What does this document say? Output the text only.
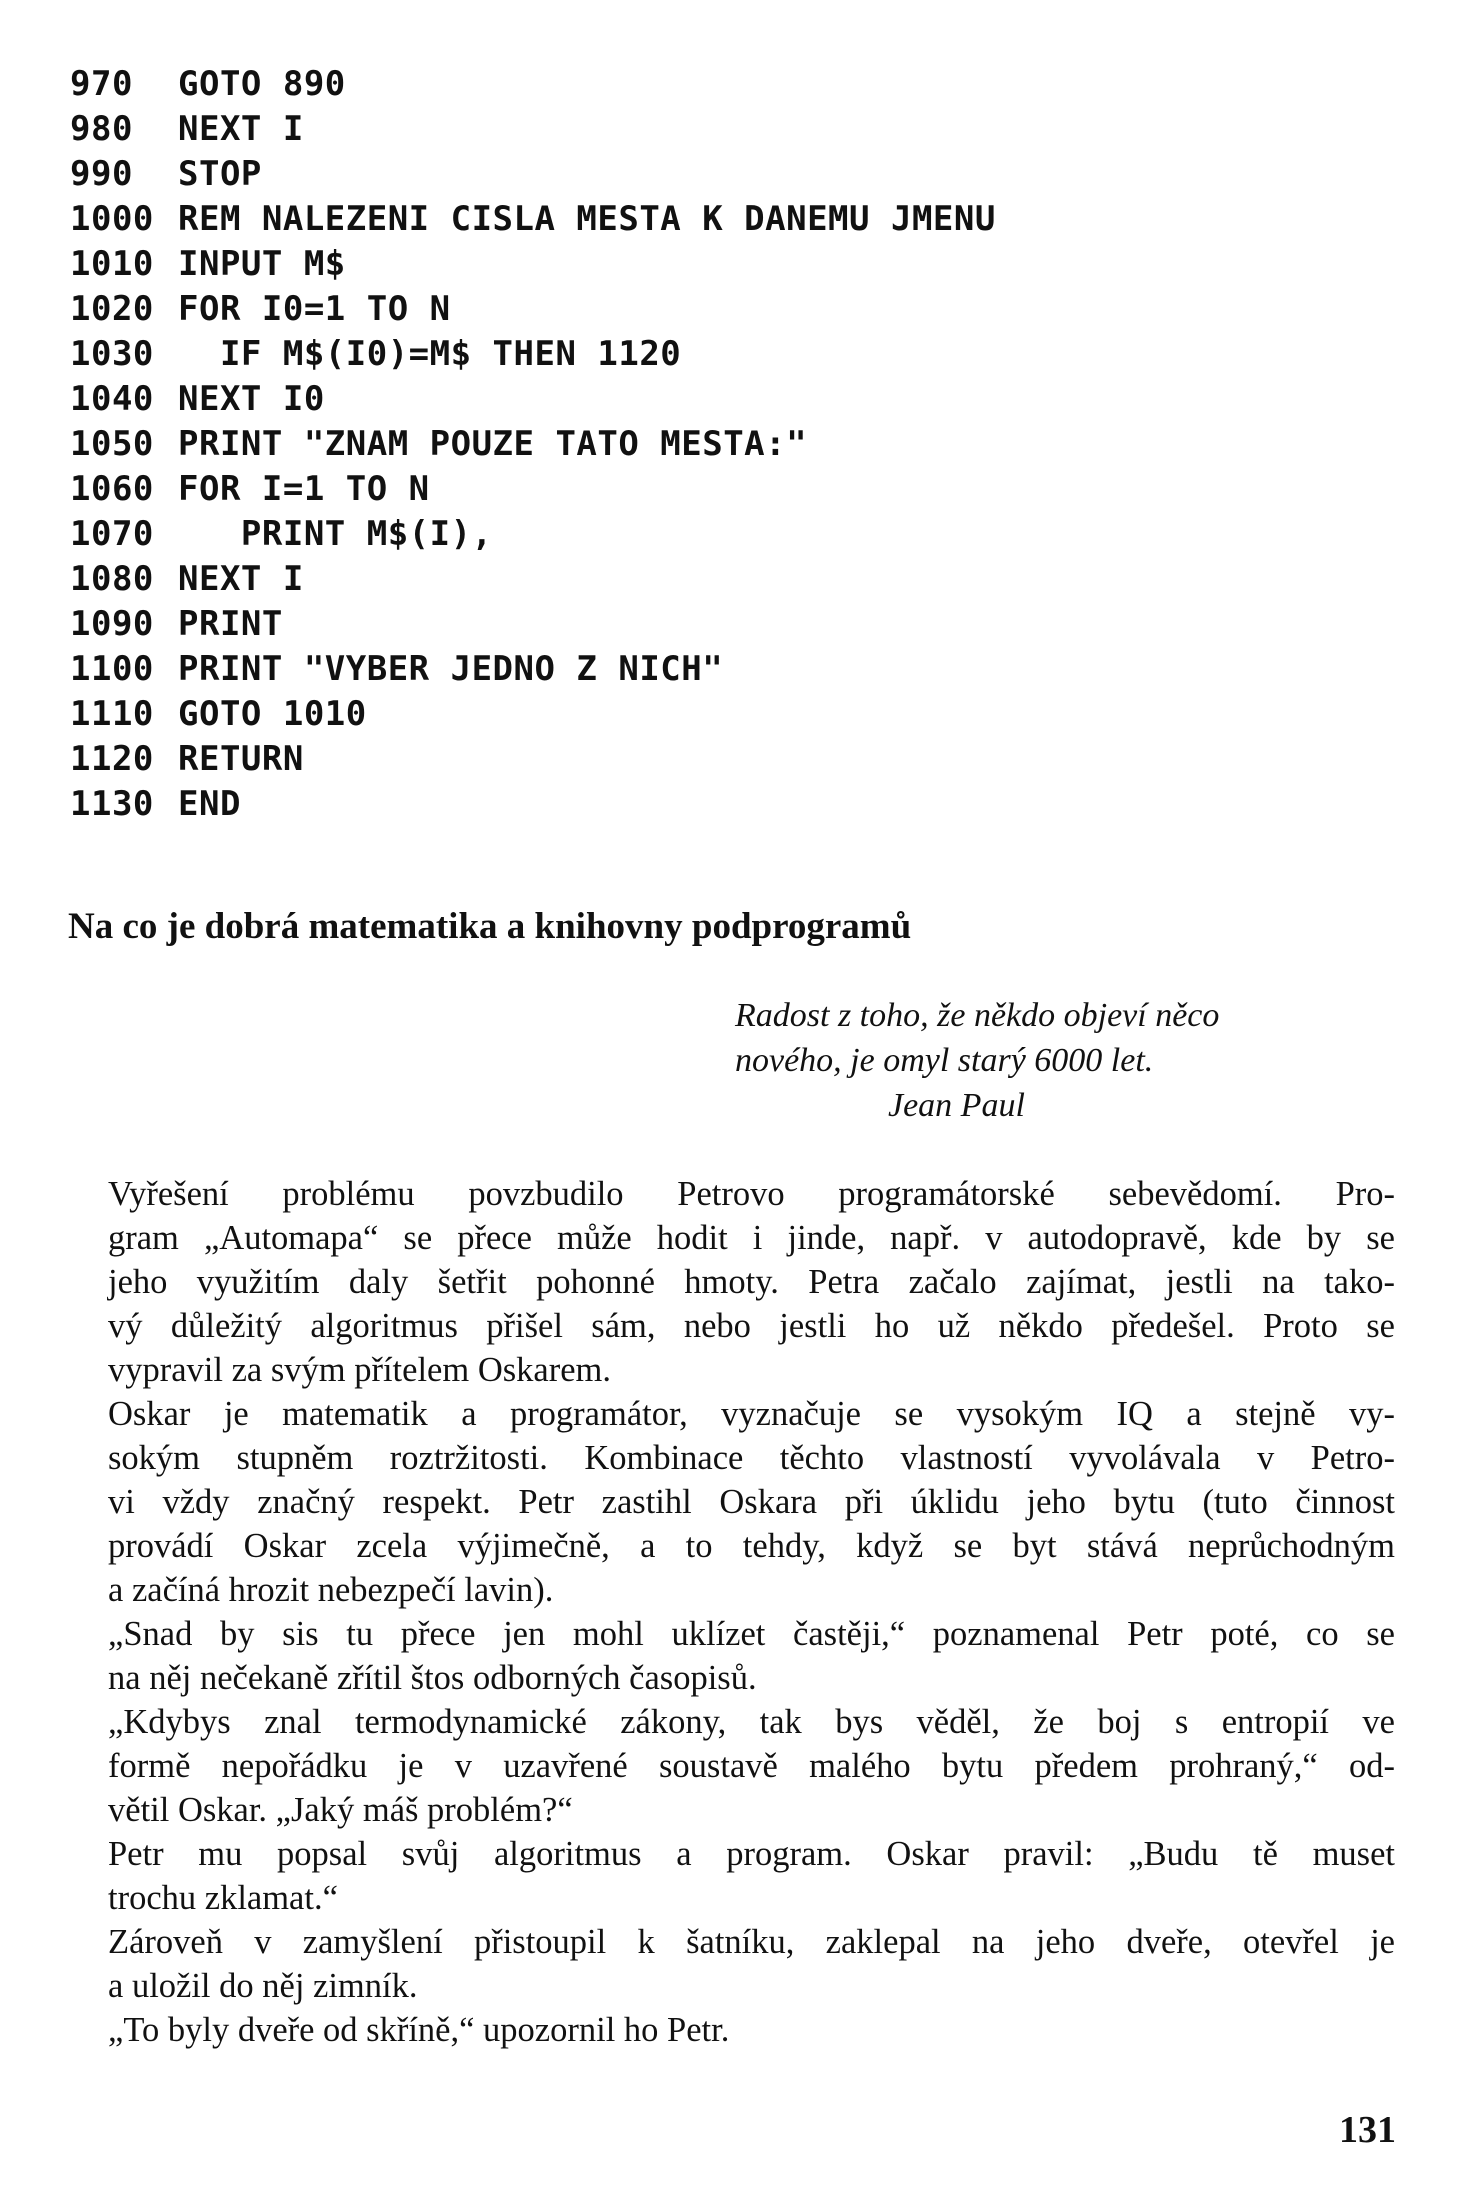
970 GOTO 890
980 NEXT I
990 STOP
1000 REM NALEZENI CISLA MESTA K DANEMU JMENU
1010 INPUT M$
1020 FOR I0=1 TO N
1030  IF M$(I0)=M$ THEN 1120
1040 NEXT I0
1050 PRINT "ZNAM POUZE TATO MESTA:"
1060 FOR I=1 TO N
1070   PRINT M$(I),
1080 NEXT I
1090 PRINT
1100 PRINT "VYBER JEDNO Z NICH"
1110 GOTO 1010
1120 RETURN
1130 END
Na co je dobrá matematika a knihovny podprogramů

Radost z toho, že někdo objeví něco

nového, je omyl starý 6000 let.

Jean Paul

Vyřešení problému povzbudilo Petrovo programátorské sebevědomí. Pro-
gram „Automapa“ se přece může hodit i jinde, např. v autodopravě, kde by se
jeho využitím daly šetřit pohonné hmoty. Petra začalo zajímat, jestli na tako-
vý důležitý algoritmus přišel sám, nebo jestli ho už někdo předešel. Proto se
vypravil za svým přítelem Oskarem.

Oskar je matematik a programátor, vyznačuje se vysokým IQ a stejně vy-
sokým stupněm roztržitosti. Kombinace těchto vlastností vyvolávala v Petro-
vi vždy značný respekt. Petr zastihl Oskara při úklidu jeho bytu (tuto činnost
provádí Oskar zcela výjimečně, a to tehdy, když se byt stává neprůchodným
a začíná hrozit nebezpečí lavin).

„Snad by sis tu přece jen mohl uklízet častěji,“ poznamenal Petr poté, co se
na něj nečekaně zřítil štos odborných časopisů.

„Kdybys znal termodynamické zákony, tak bys věděl, že boj s entropií ve
formě nepořádku je v uzavřené soustavě malého bytu předem prohraný,“ od-
větil Oskar. „Jaký máš problém?“

Petr mu popsal svůj algoritmus a program. Oskar pravil: „Budu tě muset
trochu zklamat.“

Zároveň v zamyšlení přistoupil k šatníku, zaklepal na jeho dveře, otevřel je
a uložil do něj zimník.

„To byly dveře od skříně,“ upozornil ho Petr.

131
